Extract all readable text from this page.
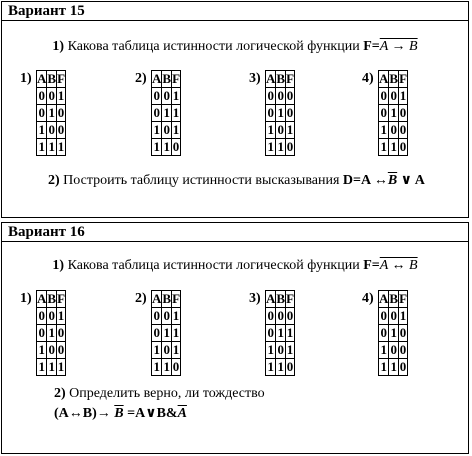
Вариант 15
1) Какова таблица истинности логической функции F=A → B
1) A	B	F
0	0	1
0	1	0
1	0	0
1	1	1
2) A	B	F
0	0	1
0	1	1
1	0	1
1	1	0
3) A	B	F
0	0	0
0	1	0
1	0	1
1	1	0
4) A	B	F
0	0	1
0	1	0
1	0	0
1	1	0
2) Построить таблицу истинности высказывания D=A $\leftrightarrow\overline{B}$ ∨ A
Вариант 16
1) Какова таблица истинности логической функции F=A ↔ B
1) A	B	F
0	0	1
0	1	0
1	0	0
1	1	1
2) A	B	F
0	0	1
0	1	1
1	0	1
1	1	0
3) A	B	F
0	0	0
0	1	1
1	0	1
1	1	0
4) A	B	F
0	0	1
0	1	0
1	0	0
1	1	0
2) Определить верно, ли тождество
(A↔B)→ $\overline{B}$ $=A\vee B\&\overline{A}$
